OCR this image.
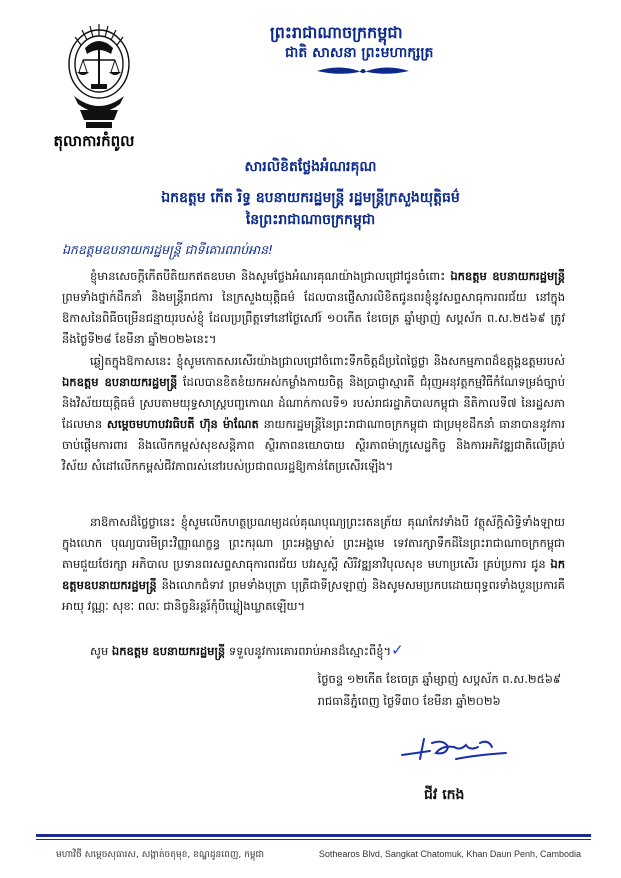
តុលាការកំពូល
ព្រះរាជាណាចក្រកម្ពុជា
ជាតិ សាសនា ព្រះមហាក្សត្រ
សារលិខិតថ្លែងអំណរគុណ
ឯកឧត្តម កើត រិទ្ធ ឧបនាយករដ្ឋមន្ត្រី រដ្ឋមន្ត្រីក្រសួងយុត្តិធម៌
នៃព្រះរាជាណាចក្រកម្ពុជា
ឯកឧត្តមឧបនាយករដ្ឋមន្ត្រី ជាទីគោរពរាប់អាន!

ខ្ញុំមានសេចក្តីកើតបីតិយកឥតឧបមា និងសូមថ្លែងអំណរគុណយ៉ាងជ្រាលជ្រៅជូនចំពោះ ឯកឧត្តម ឧបនាយករដ្ឋមន្ត្រី ព្រមទាំងថ្នាក់ដឹកនាំ និងមន្ត្រីរាជការ នៃក្រសួងយុត្តិធម៌ ដែលបានផ្ញើសារលិខិតជូនពរខ្ញុំនូវសព្ទសាធុការពរជ័យ នៅក្នុងឱកាសនៃពិធីចម្រើនជន្មាយុរបស់ខ្ញុំ ដែលប្រព្រឹត្តទៅនៅថ្ងៃសៅរ៍ ១០កើត ខែចេត្រ ឆ្នាំម្សាញ់ សប្តស័ក ព.ស.២៥៦៩ ត្រូវនឹងថ្ងៃទី២៨ ខែមីនា ឆ្នាំ២០២៦នេះ។

ឆ្លៀតក្នុងឱកាសនេះ ខ្ញុំសូមកោតសរសើរយ៉ាងជ្រាលជ្រៅចំពោះទឹកចិត្តដ៏ប្រពៃថ្លៃថ្លា និងសកម្មភាពដ៏ឧត្តុង្គឧត្តមរបស់ ឯកឧត្តម ឧបនាយករដ្ឋមន្ត្រី ដែលបានខិតខំយកអស់កម្លាំងកាយចិត្ត និងប្រាជ្ញាស្មារតី ជំរុញអនុវត្តកម្មវិធីកំណែទម្រង់ច្បាប់ និងវិស័យយុត្តិធម៌ ស្របតាមយុទ្ធសាស្ត្របញ្ចកោណ ដំណាក់កាលទី១ របស់រាជរដ្ឋាភិបាលកម្ពុជា នីតិកាលទី៧ នៃរដ្ឋសភា ដែលមាន សម្តេចមហាបវរធិបតី ហ៊ុន ម៉ាណែត នាយករដ្ឋមន្ត្រីនៃព្រះរាជាណាចក្រកម្ពុជា ជាប្រមុខដឹកនាំ ធានាបាននូវការចាប់ផ្តើមការពារ និងលើកកម្ពស់សុខសន្តិភាព ស្ថិរភាពនយោបាយ ស្ថិរភាពម៉ាក្រូសេដ្ឋកិច្ច និងការអភិវឌ្ឍជាតិលើគ្រប់វិស័យ សំដៅលើកកម្ពស់ជីវភាពរស់នៅរបស់ប្រជាពលរដ្ឋឱ្យកាន់តែប្រសើរឡើង។

នាឱកាសដ៏ថ្លៃថ្លានេះ ខ្ញុំសូមលើកហត្ថប្រណម្យដល់គុណបុណ្យព្រះរតនត្រ័យ គុណកែវទាំងបី វត្ថុស័ក្តិសិទ្ធិទាំងឡាយក្នុងលោក បុណ្យបារមីព្រះវិញ្ញាណក្ខន្ធ ព្រះករុណា ព្រះអង្គម្ចាស់ ព្រះអង្គមេ ទេវតារក្សាទឹកដីនៃព្រះរាជាណាចក្រកម្ពុជា តាមជួយថែរក្សា អភិបាល ប្រទានពរសព្ទសាធុការពរជ័យ បវរសួស្តី សិរីវឌ្ឍនាវិបុលសុខ មហាប្រសើរ គ្រប់ប្រការ ជូន ឯកឧត្តមឧបនាយករដ្ឋមន្ត្រី និងលោកជំទាវ ព្រមទាំងបុត្រា បុត្រីជាទីស្រឡាញ់ និងសូមសមប្រកបដោយពុទ្ធពរទាំងបួនប្រការគឺ អាយុ វណ្ណៈ សុខៈ ពលៈ ជានិច្ចនិរន្តរ៍កុំបីឃ្លៀងឃ្លាតឡើយ។

សូម ឯកឧត្តម ឧបនាយករដ្ឋមន្ត្រី ទទួលនូវការគោរពរាប់អានដ៏ស្មោះពីខ្ញុំ។✓
ថ្ងៃចន្ទ ១២កើត ខែចេត្រ ឆ្នាំម្សាញ់ សប្តស័ក ព.ស.២៥៦៩
រាជធានីភ្នំពេញ ថ្ងៃទី៣០ ខែមីនា ឆ្នាំ២០២៦
ជីវ កេង
មហាវិថី សម្តេចសុធារស, សង្កាត់ចតុមុខ, ខណ្ឌដូនពេញ, កម្ពុជា	Sothearos Blvd, Sangkat Chatomuk, Khan Daun Penh, Cambodia
